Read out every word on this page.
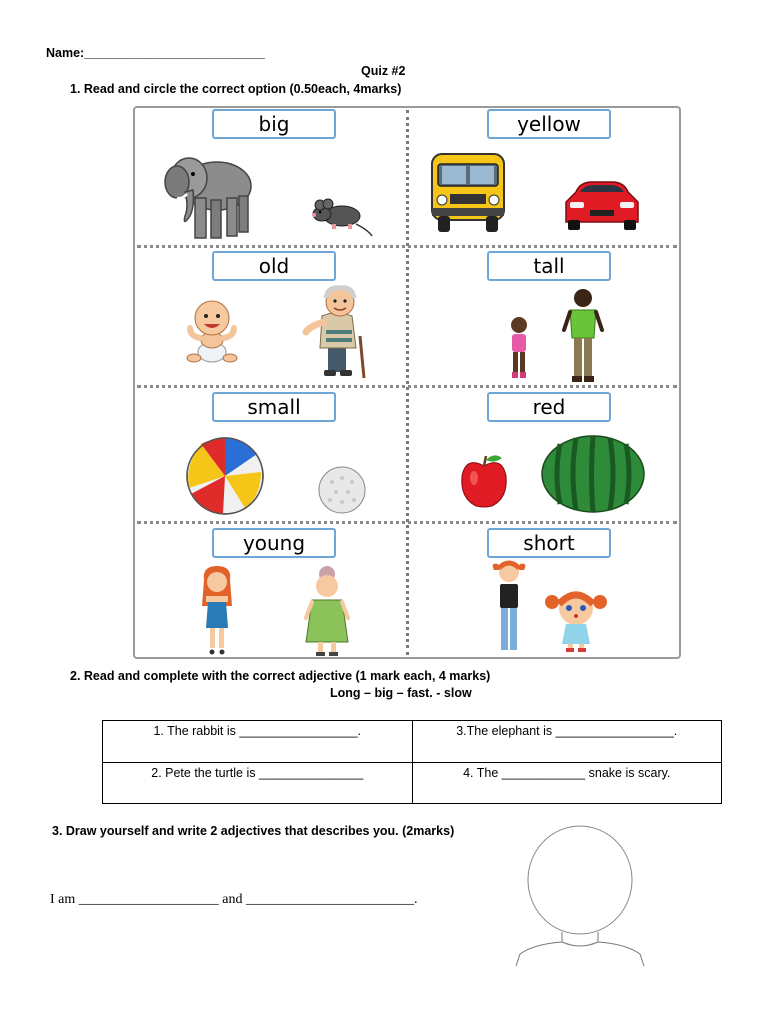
Name:__________________________
Quiz #2
1. Read and circle the correct option (0.50each, 4marks)
big	yellow
old	tall
small	red
young	short
2. Read and complete with the correct adjective (1 mark each, 4 marks)
Long – big – fast. - slow
1. The rabbit is _________________.	3.The elephant is _________________.
2. Pete the turtle is _______________	4. The ____________ snake is scary.
3. Draw yourself and write 2 adjectives that describes you. (2marks)
I am ____________________ and ________________________.
